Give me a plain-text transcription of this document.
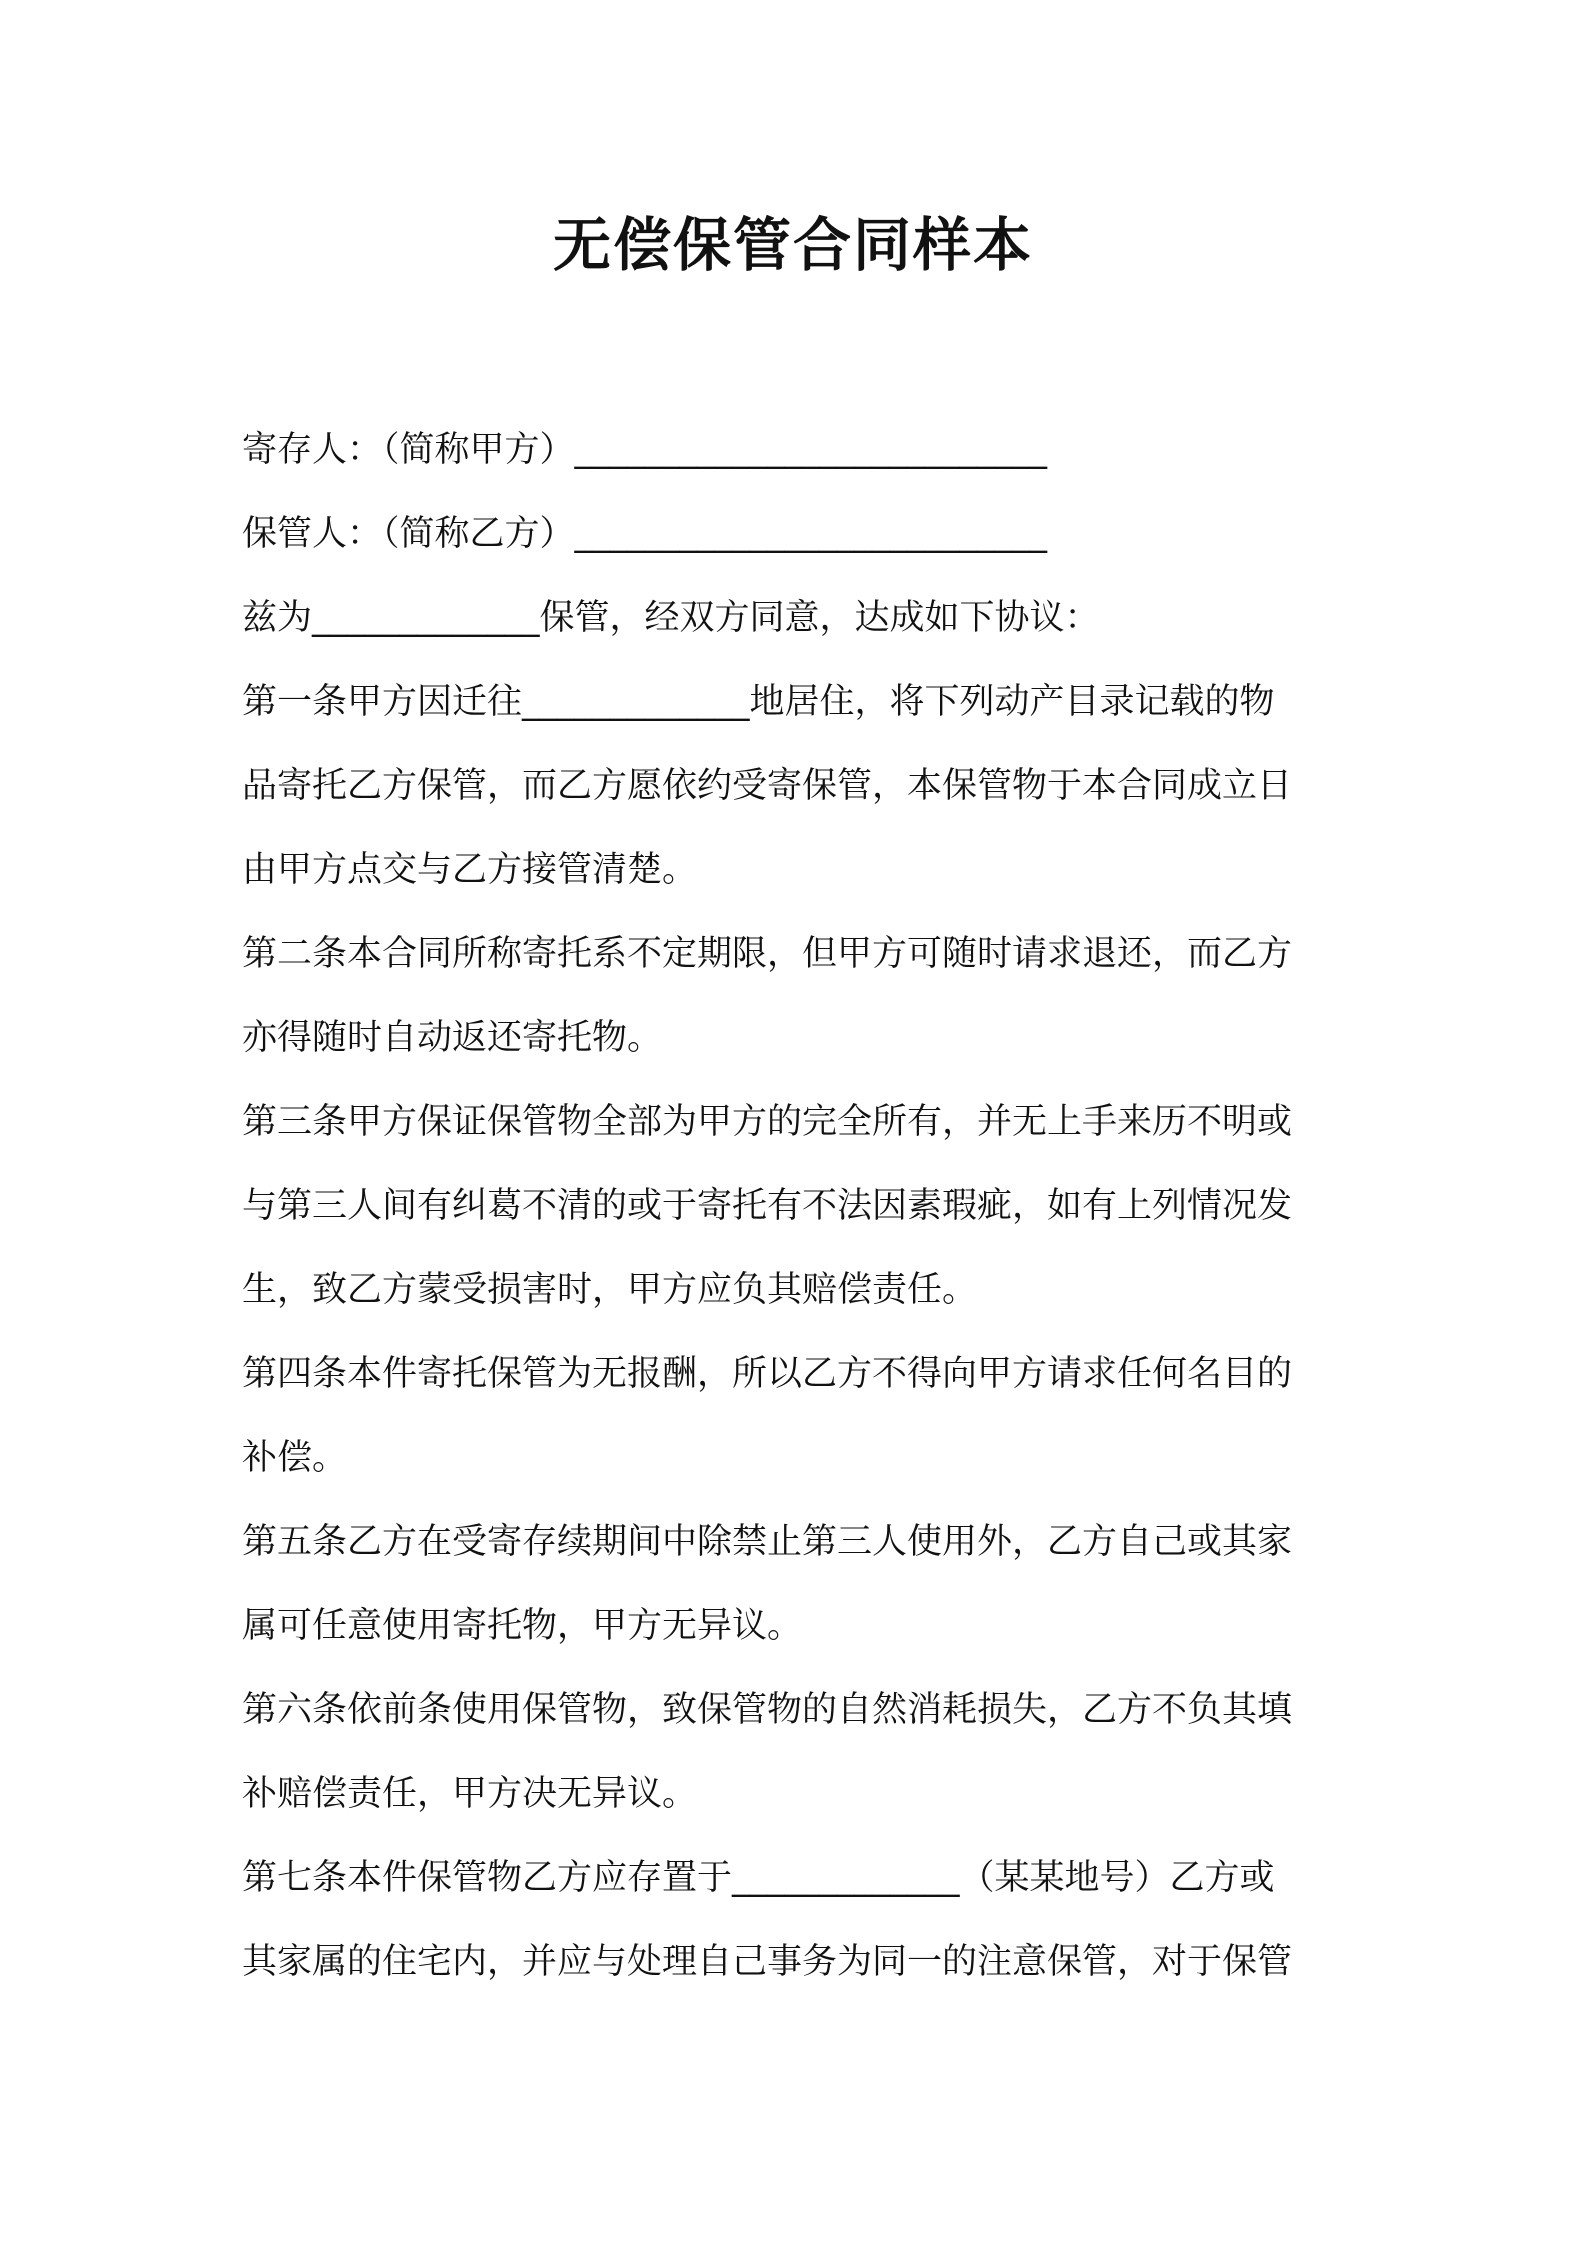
无偿保管合同样本
寄存人：（简称甲方）___________________________
保管人：（简称乙方）___________________________
兹为_____________保管，经双方同意，达成如下协议：
第一条甲方因迁往_____________地居住，将下列动产目录记载的物
品寄托乙方保管，而乙方愿依约受寄保管，本保管物于本合同成立日
由甲方点交与乙方接管清楚。
第二条本合同所称寄托系不定期限，但甲方可随时请求退还，而乙方
亦得随时自动返还寄托物。
第三条甲方保证保管物全部为甲方的完全所有，并无上手来历不明或
与第三人间有纠葛不清的或于寄托有不法因素瑕疵，如有上列情况发
生，致乙方蒙受损害时，甲方应负其赔偿责任。
第四条本件寄托保管为无报酬，所以乙方不得向甲方请求任何名目的
补偿。
第五条乙方在受寄存续期间中除禁止第三人使用外，乙方自己或其家
属可任意使用寄托物，甲方无异议。
第六条依前条使用保管物，致保管物的自然消耗损失，乙方不负其填
补赔偿责任，甲方决无异议。
第七条本件保管物乙方应存置于_____________（某某地号）乙方或
其家属的住宅内，并应与处理自己事务为同一的注意保管，对于保管
